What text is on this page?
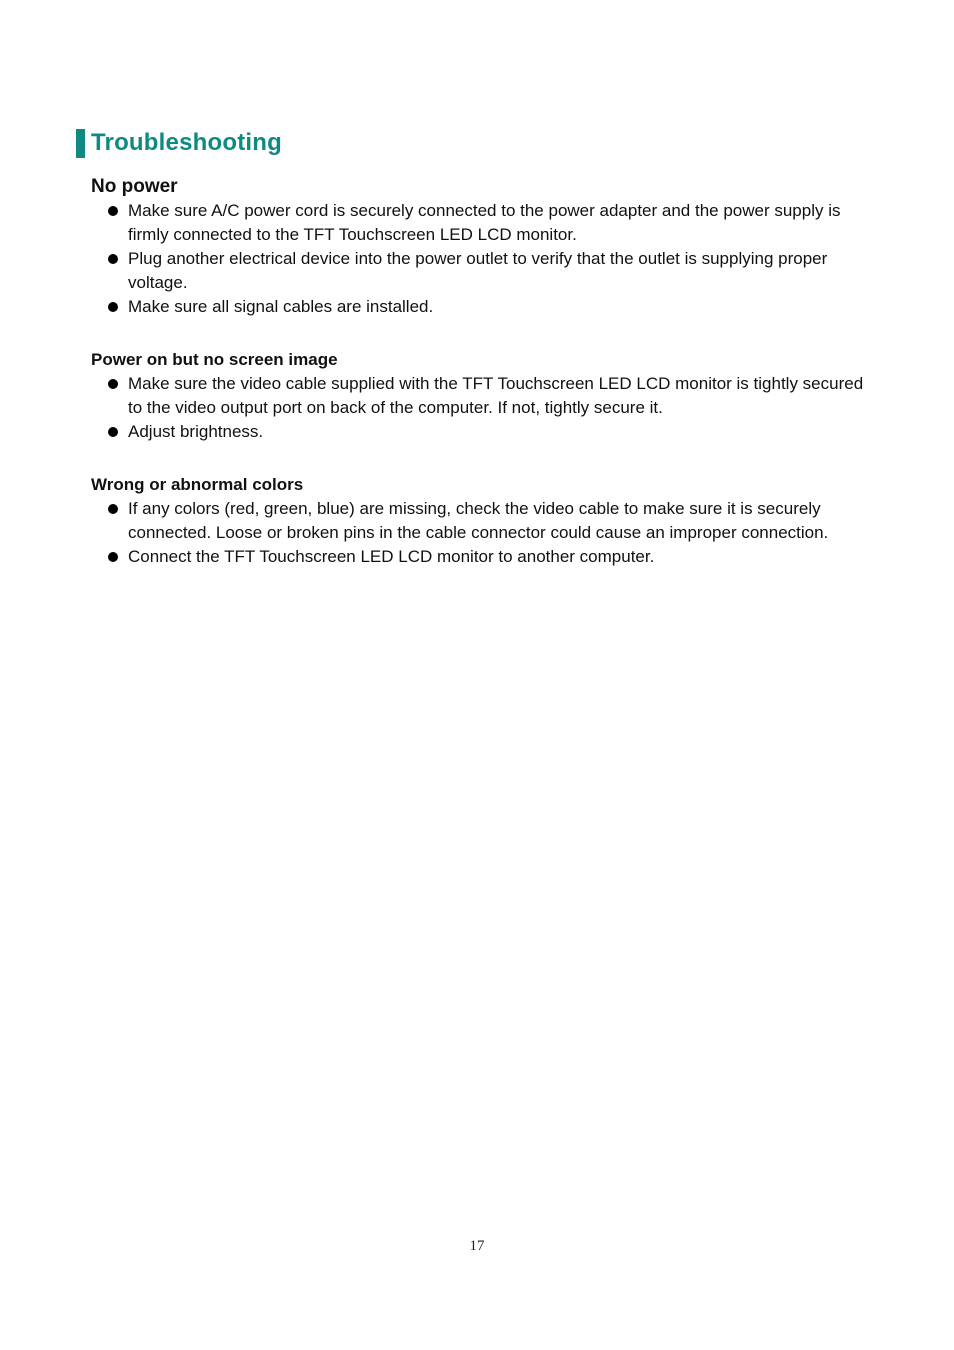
Troubleshooting
No power
Make sure A/C power cord is securely connected to the power adapter and the power supply is firmly connected to the TFT Touchscreen LED LCD monitor.
Plug another electrical device into the power outlet to verify that the outlet is supplying proper voltage.
Make sure all signal cables are installed.
Power on but no screen image
Make sure the video cable supplied with the TFT Touchscreen LED LCD monitor is tightly secured to the video output port on back of the computer. If not, tightly secure it.
Adjust brightness.
Wrong or abnormal colors
If any colors (red, green, blue) are missing, check the video cable to make sure it is securely connected. Loose or broken pins in the cable connector could cause an improper connection.
Connect the TFT Touchscreen LED LCD monitor to another computer.
17
